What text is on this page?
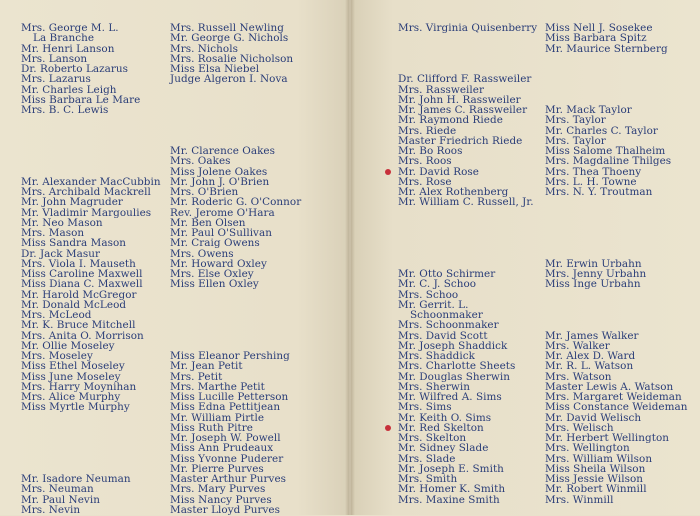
Mrs. George M. L.
La Branche
Mr. Henri Lanson
Mrs. Lanson
Dr. Roberto Lazarus
Mrs. Lazarus
Mr. Charles Leigh
Miss Barbara Le Mare
Mrs. B. C. Lewis
Mr. Alexander MacCubbin
Mrs. Archibald Mackrell
Mr. John Magruder
Mr. Vladimir Margoulies
Mr. Neo Mason
Mrs. Mason
Miss Sandra Mason
Dr. Jack Masur
Mrs. Viola I. Mauseth
Miss Caroline Maxwell
Miss Diana C. Maxwell
Mr. Harold McGregor
Mr. Donald McLeod
Mrs. McLeod
Mr. K. Bruce Mitchell
Mrs. Anita O. Morrison
Mr. Ollie Moseley
Mrs. Moseley
Miss Ethel Moseley
Miss June Moseley
Mrs. Harry Moynihan
Mrs. Alice Murphy
Miss Myrtle Murphy
Mr. Isadore Neuman
Mrs. Neuman
Mr. Paul Nevin
Mrs. Nevin
Mrs. Russell Newling
Mr. George G. Nichols
Mrs. Nichols
Mrs. Rosalie Nicholson
Miss Elsa Niebel
Judge Algeron I. Nova
Mr. Clarence Oakes
Mrs. Oakes
Miss Jolene Oakes
Mr. John J. O'Brien
Mrs. O'Brien
Mr. Roderic G. O'Connor
Rev. Jerome O'Hara
Mr. Ben Olsen
Mr. Paul O'Sullivan
Mr. Craig Owens
Mrs. Owens
Mr. Howard Oxley
Mrs. Else Oxley
Miss Ellen Oxley
Miss Eleanor Pershing
Mr. Jean Petit
Mrs. Petit
Mrs. Marthe Petit
Miss Lucille Petterson
Miss Edna Pettitjean
Mr. William Pirtle
Miss Ruth Pitre
Mr. Joseph W. Powell
Miss Ann Prudeaux
Miss Yvonne Puderer
Mr. Pierre Purves
Master Arthur Purves
Mrs. Mary Purves
Miss Nancy Purves
Master Lloyd Purves
Mrs. Virginia Quisenberry
Dr. Clifford F. Rassweiler
Mrs. Rassweiler
Mr. John H. Rassweiler
Mr. James C. Rassweiler
Mr. Raymond Riede
Mrs. Riede
Master Friedrich Riede
Mr. Bo Roos
Mrs. Roos
Mr. David Rose
Mrs. Rose
Mr. Alex Rothenberg
Mr. William C. Russell, Jr.
Mr. Otto Schirmer
Mr. C. J. Schoo
Mrs. Schoo
Mr. Gerrit. L.
Schoonmaker
Mrs. Schoonmaker
Mrs. David Scott
Mr. Joseph Shaddick
Mrs. Shaddick
Mrs. Charlotte Sheets
Mr. Douglas Sherwin
Mrs. Sherwin
Mr. Wilfred A. Sims
Mrs. Sims
Mr. Keith O. Sims
Mr. Red Skelton
Mrs. Skelton
Mr. Sidney Slade
Mrs. Slade
Mr. Joseph E. Smith
Mrs. Smith
Mr. Homer K. Smith
Mrs. Maxine Smith
Miss Nell J. Sosekee
Miss Barbara Spitz
Mr. Maurice Sternberg
Mr. Mack Taylor
Mrs. Taylor
Mr. Charles C. Taylor
Mrs. Taylor
Miss Salome Thalheim
Mrs. Magdaline Thilges
Mrs. Thea Thoeny
Mrs. L. H. Towne
Mrs. N. Y. Troutman
Mr. Erwin Urbahn
Mrs. Jenny Urbahn
Miss Inge Urbahn
Mr. James Walker
Mrs. Walker
Mr. Alex D. Ward
Mr. R. L. Watson
Mrs. Watson
Master Lewis A. Watson
Mrs. Margaret Weideman
Miss Constance Weideman
Mr. David Welisch
Mrs. Welisch
Mr. Herbert Wellington
Mrs. Wellington
Mrs. William Wilson
Miss Sheila Wilson
Miss Jessie Wilson
Mr. Robert Winmill
Mrs. Winmill
